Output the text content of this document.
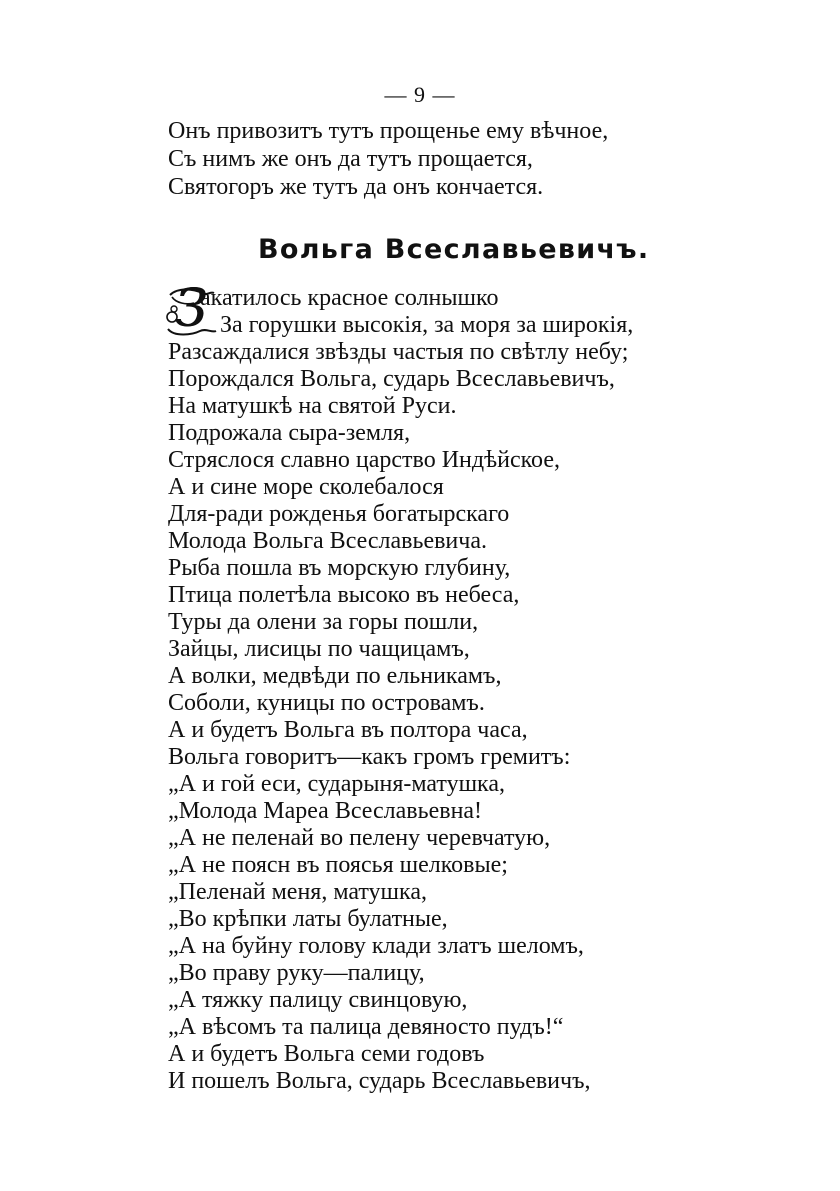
— 9 —
Онъ привозитъ тутъ прощенье ему вѣчное,
Съ нимъ же онъ да тутъ прощается,
Святогоръ же тутъ да онъ кончается.
Вольга Всеславьевичъ.
З
акатилось красное солнышко
За горушки высокія, за моря за широкія,
Разсаждалися звѣзды частыя по свѣтлу небу;
Порождался Вольга, сударь Всеславьевичъ,
На матушкѣ на святой Руси.
Подрожала сыра-земля,
Стряслося славно царство Индѣйское,
А и сине море сколебалося
Для-ради рожденья богатырскаго
Молода Вольга Всеславьевича.
Рыба пошла въ морскую глубину,
Птица полетѣла высоко въ небеса,
Туры да олени за горы пошли,
Зайцы, лисицы по чащицамъ,
А волки, медвѣди по ельникамъ,
Соболи, куницы по островамъ.
А и будетъ Вольга въ полтора часа,
Вольга говоритъ—какъ громъ гремитъ:
„А и гой еси, сударыня-матушка,
„Молода Мареа Всеславьевна!
„А не пеленай во пелену черевчатую,
„А не поясн въ поясья шелковые;
„Пеленай меня, матушка,
„Во крѣпки латы булатные,
„А на буйну голову клади златъ шеломъ,
„Во праву руку—палицу,
„А тяжку палицу свинцовую,
„А вѣсомъ та палица девяносто пудъ!“
А и будетъ Вольга семи годовъ
И пошелъ Вольга, сударь Всеславьевичъ,
